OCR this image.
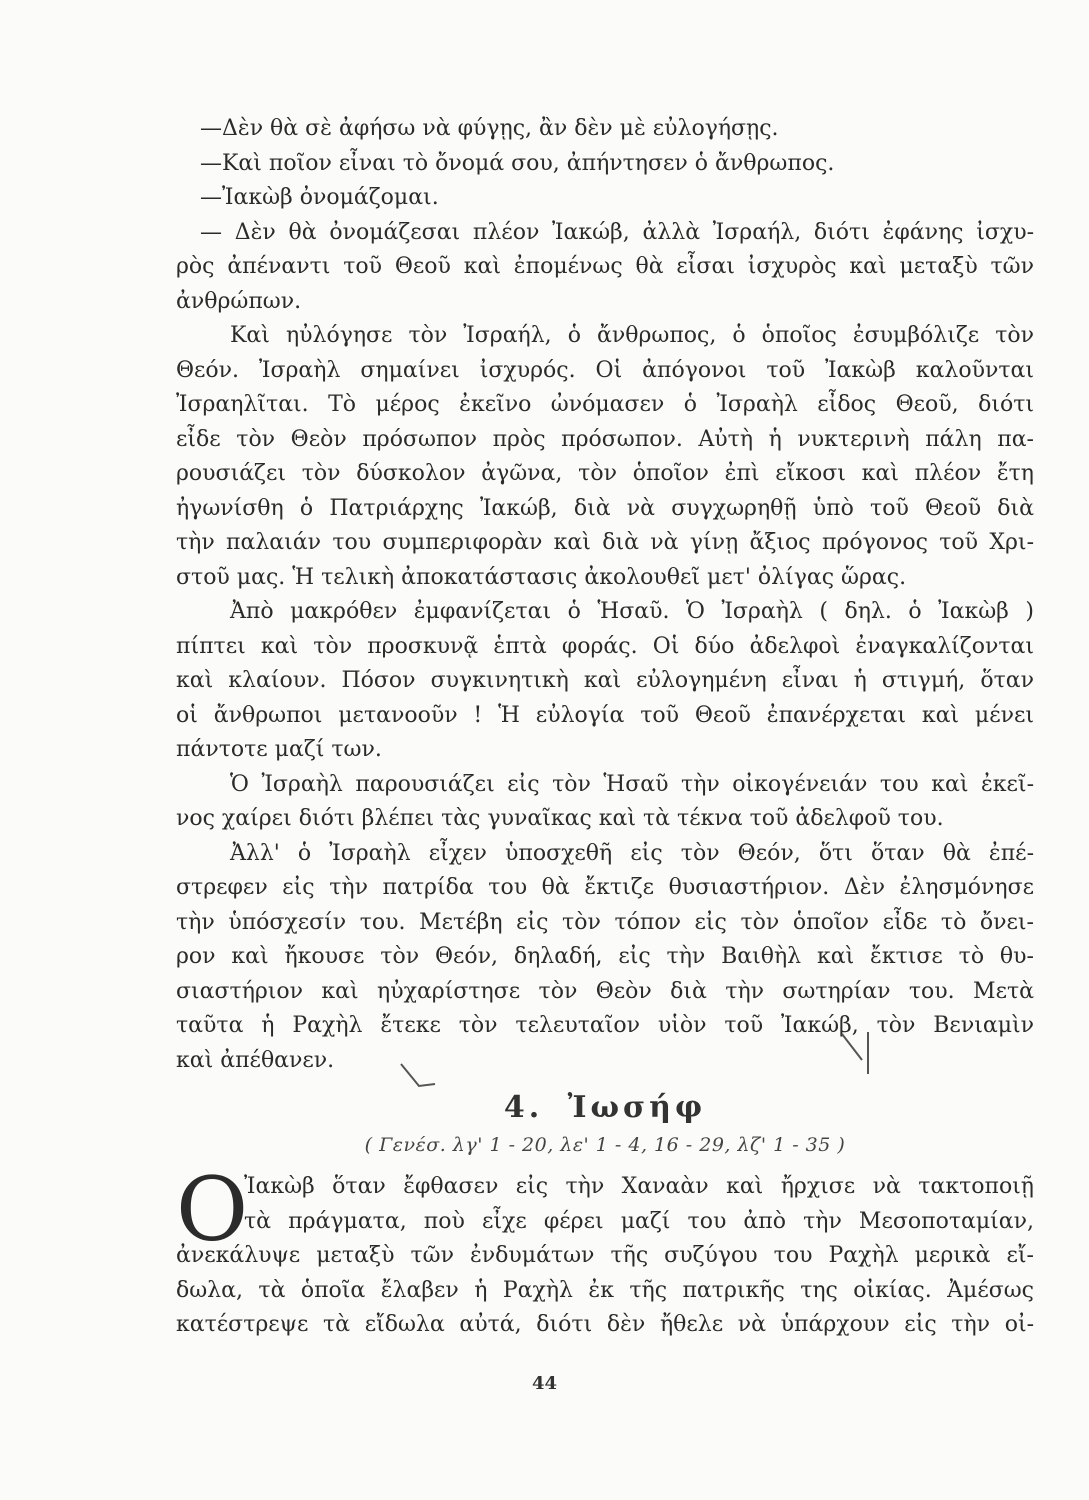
—Δὲν θὰ σὲ ἀφήσω νὰ φύγῃς, ἂν δὲν μὲ εὐλογήσῃς.
—Καὶ ποῖον εἶναι τὸ ὄνομά σου, ἀπήντησεν ὁ ἄνθρωπος.
—Ἰακὼβ ὀνομάζομαι.
— Δὲν θὰ ὀνομάζεσαι πλέον Ἰακώβ, ἀλλὰ Ἰσραήλ, διότι ἐφάνης ἰσχυ-
ρὸς ἀπέναντι τοῦ Θεοῦ καὶ ἐπομένως θὰ εἶσαι ἰσχυρὸς καὶ μεταξὺ τῶν
ἀνθρώπων.
Καὶ ηὐλόγησε τὸν Ἰσραήλ, ὁ ἄνθρωπος, ὁ ὁποῖος ἐσυμβόλιζε τὸν
Θεόν. Ἰσραὴλ σημαίνει ἰσχυρός. Οἱ ἀπόγονοι τοῦ Ἰακὼβ καλοῦνται
Ἰσραηλῖται. Τὸ μέρος ἐκεῖνο ὠνόμασεν ὁ Ἰσραὴλ εἶδος Θεοῦ, διότι
εἶδε τὸν Θεὸν πρόσωπον πρὸς πρόσωπον. Αὐτὴ ἡ νυκτερινὴ πάλη πα-
ρουσιάζει τὸν δύσκολον ἀγῶνα, τὸν ὁποῖον ἐπὶ εἴκοσι καὶ πλέον ἔτη
ἠγωνίσθη ὁ Πατριάρχης Ἰακώβ, διὰ νὰ συγχωρηθῇ ὑπὸ τοῦ Θεοῦ διὰ
τὴν παλαιάν του συμπεριφορὰν καὶ διὰ νὰ γίνῃ ἄξιος πρόγονος τοῦ Χρι-
στοῦ μας. Ἡ τελικὴ ἀποκατάστασις ἀκολουθεῖ μετ' ὀλίγας ὥρας.
Ἀπὸ μακρόθεν ἐμφανίζεται ὁ Ἡσαῦ. Ὁ Ἰσραὴλ ( δηλ. ὁ Ἰακὼβ )
πίπτει καὶ τὸν προσκυνᾷ ἑπτὰ φοράς. Οἱ δύο ἀδελφοὶ ἐναγκαλίζονται
καὶ κλαίουν. Πόσον συγκινητικὴ καὶ εὐλογημένη εἶναι ἡ στιγμή, ὅταν
οἱ ἄνθρωποι μετανοοῦν ! Ἡ εὐλογία τοῦ Θεοῦ ἐπανέρχεται καὶ μένει
πάντοτε μαζί των.
Ὁ Ἰσραὴλ παρουσιάζει εἰς τὸν Ἡσαῦ τὴν οἰκογένειάν του καὶ ἐκεῖ-
νος χαίρει διότι βλέπει τὰς γυναῖκας καὶ τὰ τέκνα τοῦ ἀδελφοῦ του.
Ἀλλ' ὁ Ἰσραὴλ εἶχεν ὑποσχεθῆ εἰς τὸν Θεόν, ὅτι ὅταν θὰ ἐπέ-
στρεφεν εἰς τὴν πατρίδα του θὰ ἔκτιζε θυσιαστήριον. Δὲν ἐλησμόνησε
τὴν ὑπόσχεσίν του. Μετέβη εἰς τὸν τόπον εἰς τὸν ὁποῖον εἶδε τὸ ὄνει-
ρον καὶ ἤκουσε τὸν Θεόν, δηλαδή, εἰς τὴν Βαιθὴλ καὶ ἔκτισε τὸ θυ-
σιαστήριον καὶ ηὐχαρίστησε τὸν Θεὸν διὰ τὴν σωτηρίαν του. Μετὰ
ταῦτα ἡ Ραχὴλ ἔτεκε τὸν τελευταῖον υἱὸν τοῦ Ἰακώβ, τὸν Βενιαμὶν
καὶ ἀπέθανεν.
4. Ἰωσήφ
( Γενέσ. λγ' 1 - 20, λε' 1 - 4, 16 - 29, λζ' 1 - 35 )
Ο
Ἰακὼβ ὅταν ἔφθασεν εἰς τὴν Χαναὰν καὶ ἤρχισε νὰ τακτοποιῇ
τὰ πράγματα, ποὺ εἶχε φέρει μαζί του ἀπὸ τὴν Μεσοποταμίαν,
ἀνεκάλυψε μεταξὺ τῶν ἐνδυμάτων τῆς συζύγου του Ραχὴλ μερικὰ εἴ-
δωλα, τὰ ὁποῖα ἔλαβεν ἡ Ραχὴλ ἐκ τῆς πατρικῆς της οἰκίας. Ἀμέσως
κατέστρεψε τὰ εἴδωλα αὐτά, διότι δὲν ἤθελε νὰ ὑπάρχουν εἰς τὴν οἰ-
44
